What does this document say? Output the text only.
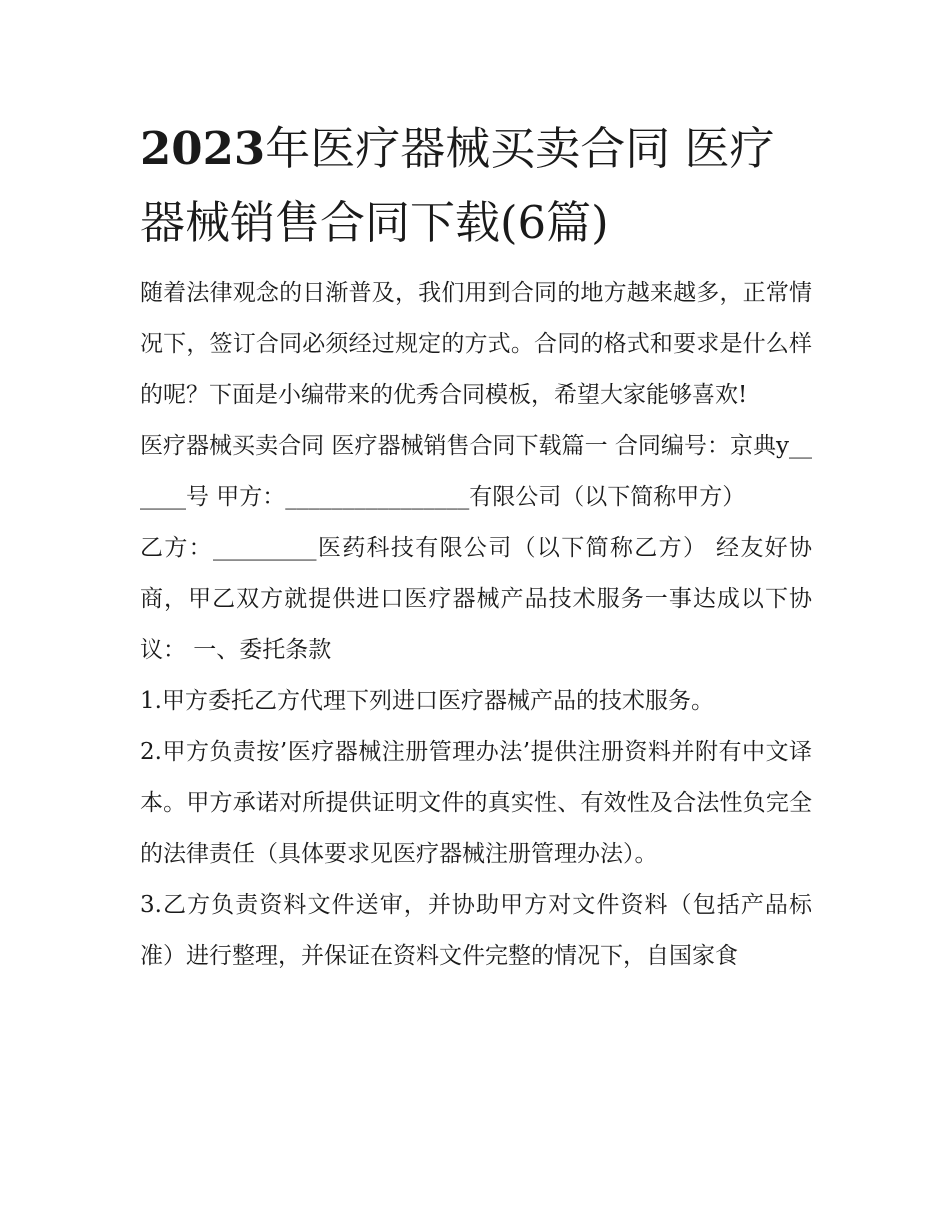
2023年医疗器械买卖合同 医疗器械销售合同下载(6篇)

随着法律观念的日渐普及，我们用到合同的地方越来越多，正常情况下，签订合同必须经过规定的方式。合同的格式和要求是什么样的呢？下面是小编带来的优秀合同模板，希望大家能够喜欢!

医疗器械买卖合同 医疗器械销售合同下载篇一 合同编号：京典y______号 甲方：________________有限公司（以下简称甲方）

乙方：_________医药科技有限公司（以下简称乙方） 经友好协商，甲乙双方就提供进口医疗器械产品技术服务一事达成以下协议： 一、委托条款

1.甲方委托乙方代理下列进口医疗器械产品的技术服务。

2.甲方负责按’医疗器械注册管理办法’提供注册资料并附有中文译本。甲方承诺对所提供证明文件的真实性、有效性及合法性负完全的法律责任（具体要求见医疗器械注册管理办法）。

3.乙方负责资料文件送审，并协助甲方对文件资料（包括产品标准）进行整理，并保证在资料文件完整的情况下，自国家食
